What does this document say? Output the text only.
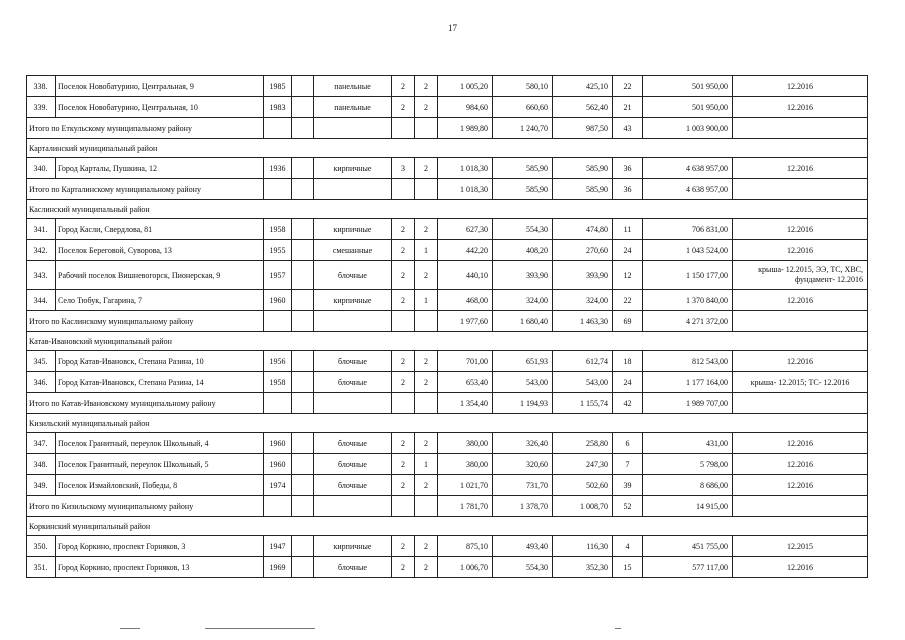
17
338.	Поселок Новобатурино, Центральная, 9	1985		панельные	2	2	1 005,20	580,10	425,10	22	501 950,00	12.2016
339.	Поселок Новобатурино, Центральная, 10	1983		панельные	2	2	984,60	660,60	562,40	21	501 950,00	12.2016
Итого по Еткульскому муниципальному району							1 989,80	1 240,70	987,50	43	1 003 900,00	
Карталинский муниципальный район												
340.	Город Карталы, Пушкина, 12	1936		кирпичные	3	2	1 018,30	585,90	585,90	36	4 638 957,00	12.2016
Итого по Карталинскому муниципальному району							1 018,30	585,90	585,90	36	4 638 957,00	
Каслинский муниципальный район												
341.	Город Касли, Свердлова, 81	1958		кирпичные	2	2	627,30	554,30	474,80	11	706 831,00	12.2016
342.	Поселок Береговой, Суворова, 13	1955		смешанные	2	1	442,20	408,20	270,60	24	1 043 524,00	12.2016
343.	Рабочий поселок Вишневогорск, Пионерская, 9	1957		блочные	2	2	440,10	393,90	393,90	12	1 150 177,00	крыша- 12.2015, ЭЭ, ТС, ХВС, фундамент- 12.2016
344.	Село Тюбук, Гагарина, 7	1960		кирпичные	2	1	468,00	324,00	324,00	22	1 370 840,00	12.2016
Итого по Каслинскому муниципальному району							1 977,60	1 680,40	1 463,30	69	4 271 372,00	
Катав-Ивановский муниципальный район												
345.	Город Катав-Ивановск, Степана Разина, 10	1956		блочные	2	2	701,00	651,93	612,74	18	812 543,00	12.2016
346.	Город Катав-Ивановск, Степана Разина, 14	1958		блочные	2	2	653,40	543,00	543,00	24	1 177 164,00	крыша- 12.2015; ТС- 12.2016
Итого по Катав-Ивановскому муниципальному району							1 354,40	1 194,93	1 155,74	42	1 989 707,00	
Кизильский муниципальный район												
347.	Поселок Гранитный, переулок Школьный, 4	1960		блочные	2	2	380,00	326,40	258,80	6	431,00	12.2016
348.	Поселок Гранитный, переулок Школьный, 5	1960		блочные	2	1	380,00	320,60	247,30	7	5 798,00	12.2016
349.	Поселок Измайловский, Победы, 8	1974		блочные	2	2	1 021,70	731,70	502,60	39	8 686,00	12.2016
Итого по Кизильскому муниципальному району							1 781,70	1 378,70	1 008,70	52	14 915,00	
Коркинский муниципальный район												
350.	Город Коркино, проспект Горняков, 3	1947		кирпичные	2	2	875,10	493,40	116,30	4	451 755,00	12.2015
351.	Город Коркино, проспект Горняков, 13	1969		блочные	2	2	1 006,70	554,30	352,30	15	577 117,00	12.2016
